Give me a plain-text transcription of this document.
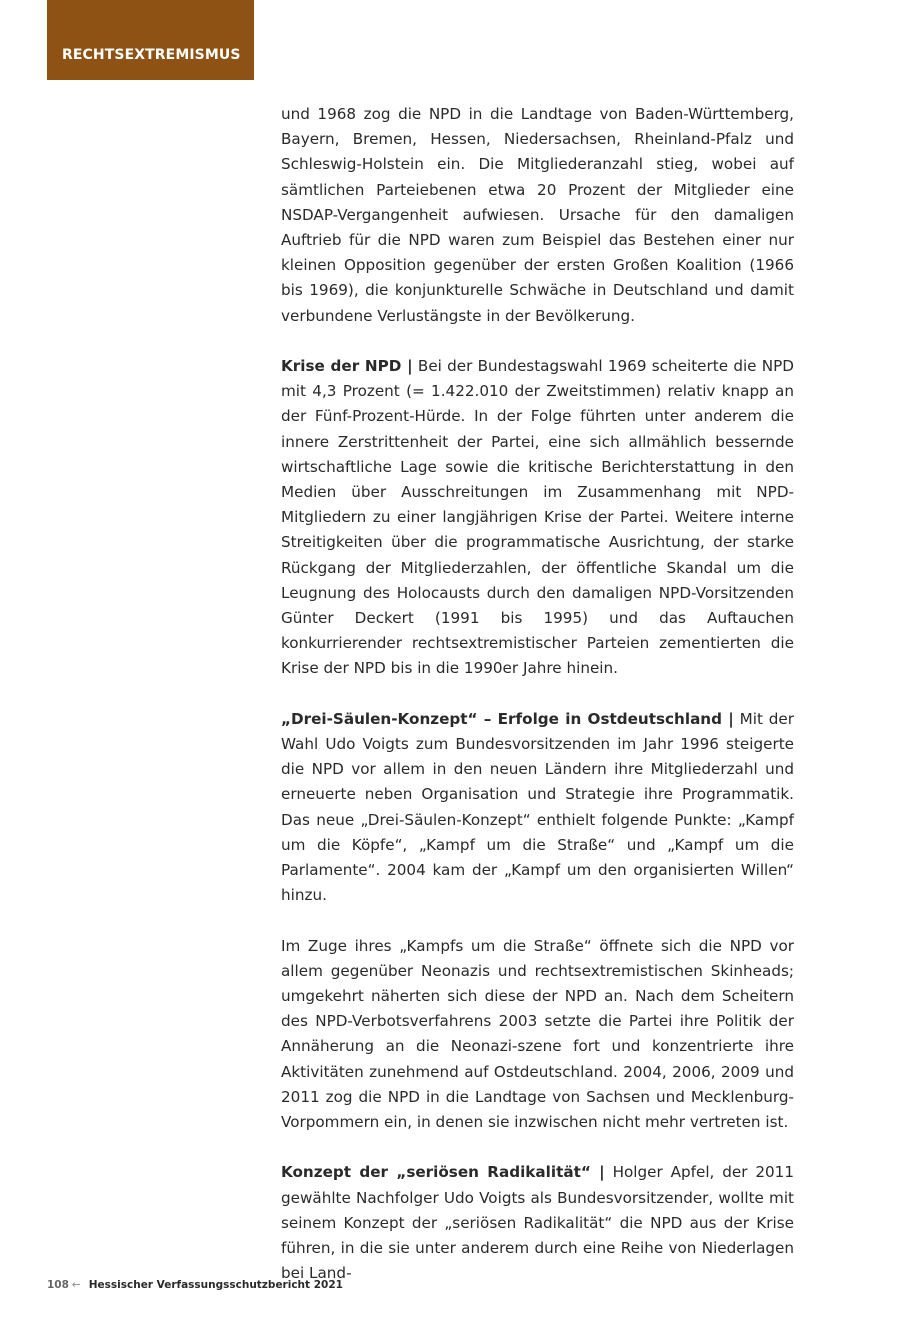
RECHTSEXTREMISMUS

und 1968 zog die NPD in die Landtage von Baden-Württemberg, Bayern, Bremen, Hessen, Niedersachsen, Rheinland-Pfalz und Schleswig-Holstein ein. Die Mitgliederanzahl stieg, wobei auf sämtlichen Parteiebenen etwa 20 Prozent der Mitglieder eine NSDAP-Vergangenheit aufwiesen. Ursache für den damaligen Auftrieb für die NPD waren zum Beispiel das Bestehen einer nur kleinen Opposition gegenüber der ersten Großen Koalition (1966 bis 1969), die konjunkturelle Schwäche in Deutschland und damit verbundene Verlustängste in der Bevölkerung.

Krise der NPD | Bei der Bundestagswahl 1969 scheiterte die NPD mit 4,3 Prozent (= 1.422.010 der Zweitstimmen) relativ knapp an der Fünf-Prozent-Hürde. In der Folge führten unter anderem die innere Zerstrittenheit der Partei, eine sich allmählich bessernde wirtschaftliche Lage sowie die kritische Berichterstattung in den Medien über Ausschreitungen im Zusammenhang mit NPD-Mitgliedern zu einer langjährigen Krise der Partei. Weitere interne Streitigkeiten über die programmatische Ausrichtung, der starke Rückgang der Mitgliederzahlen, der öffentliche Skandal um die Leugnung des Holocausts durch den damaligen NPD-Vorsitzenden Günter Deckert (1991 bis 1995) und das Auftauchen konkurrierender rechtsextremistischer Parteien zementierten die Krise der NPD bis in die 1990er Jahre hinein.

„Drei-Säulen-Konzept“ – Erfolge in Ostdeutschland | Mit der Wahl Udo Voigts zum Bundesvorsitzenden im Jahr 1996 steigerte die NPD vor allem in den neuen Ländern ihre Mitgliederzahl und erneuerte neben Organisation und Strategie ihre Programmatik. Das neue „Drei-Säulen-Konzept“ enthielt folgende Punkte: „Kampf um die Köpfe“, „Kampf um die Straße“ und „Kampf um die Parlamente“. 2004 kam der „Kampf um den organisierten Willen“ hinzu.

Im Zuge ihres „Kampfs um die Straße“ öffnete sich die NPD vor allem gegenüber Neonazis und rechtsextremistischen Skinheads; umgekehrt näherten sich diese der NPD an. Nach dem Scheitern des NPD-Verbotsverfahrens 2003 setzte die Partei ihre Politik der Annäherung an die Neonazi-szene fort und konzentrierte ihre Aktivitäten zunehmend auf Ostdeutschland. 2004, 2006, 2009 und 2011 zog die NPD in die Landtage von Sachsen und Mecklenburg-Vorpommern ein, in denen sie inzwischen nicht mehr vertreten ist.

Konzept der „seriösen Radikalität“ | Holger Apfel, der 2011 gewählte Nachfolger Udo Voigts als Bundesvorsitzender, wollte mit seinem Konzept der „seriösen Radikalität“ die NPD aus der Krise führen, in die sie unter anderem durch eine Reihe von Niederlagen bei Land-

108 ← Hessischer Verfassungsschutzbericht 2021
